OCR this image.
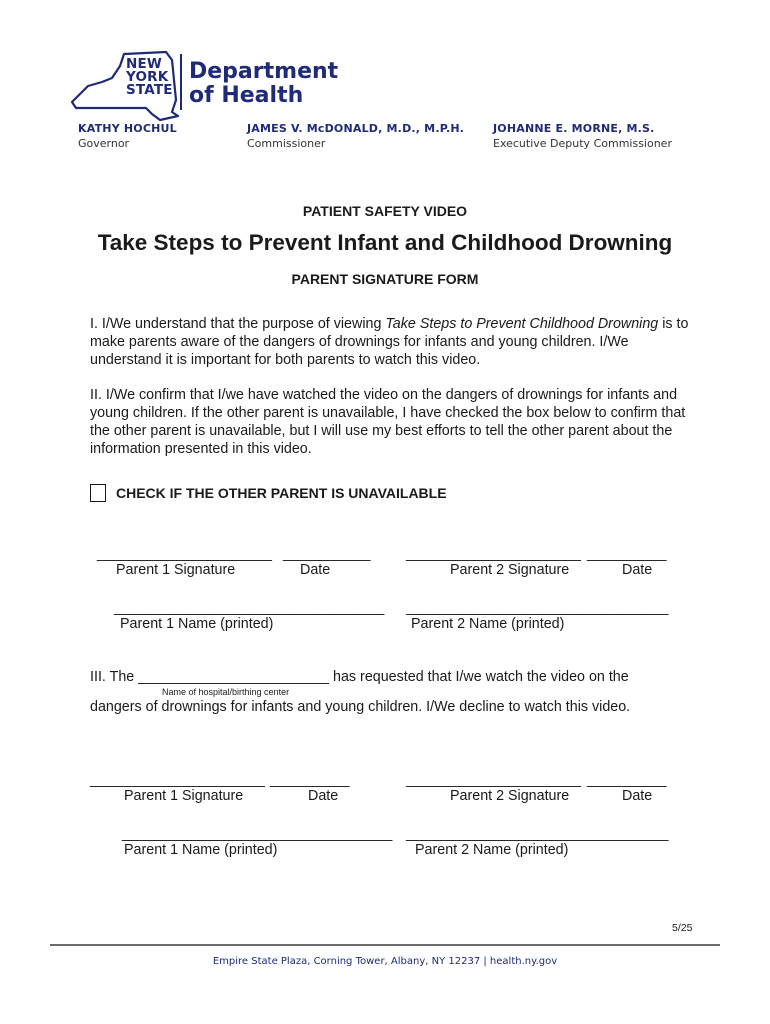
NEW
YORK
STATE
Department
of Health
KATHY HOCHUL
Governor
JAMES V. McDONALD, M.D., M.P.H.
Commissioner
JOHANNE E. MORNE, M.S.
Executive Deputy Commissioner
PATIENT SAFETY VIDEO
Take Steps to Prevent Infant and Childhood Drowning
PARENT SIGNATURE FORM
I. I/We understand that the purpose of viewing Take Steps to Prevent Childhood Drowning is to make parents aware of the dangers of drownings for infants and young children. I/We understand it is important for both parents to watch this video.
II. I/We confirm that I/we have watched the video on the dangers of drownings for infants and young children. If the other parent is unavailable, I have checked the box below to confirm that the other parent is unavailable, but I will use my best efforts to tell the other parent about the information presented in this video.
CHECK IF THE OTHER PARENT IS UNAVAILABLE
______________________ ___________ ______________________ __________
Parent 1 Signature	Date	Parent 2 Signature	Date
__________________________________ _________________________________
Parent 1 Name (printed)	Parent 2 Name (printed)
III. The ________________________ has requested that I/we watch the video on the
Name of hospital/birthing center
dangers of drownings for infants and young children. I/We decline to watch this video.
______________________ __________	______________________ __________
Parent 1 Signature	Date	Parent 2 Signature	Date
__________________________________ _________________________________
Parent 1 Name (printed)	Parent 2 Name (printed)
5/25
Empire State Plaza, Corning Tower, Albany, NY 12237 | health.ny.gov
